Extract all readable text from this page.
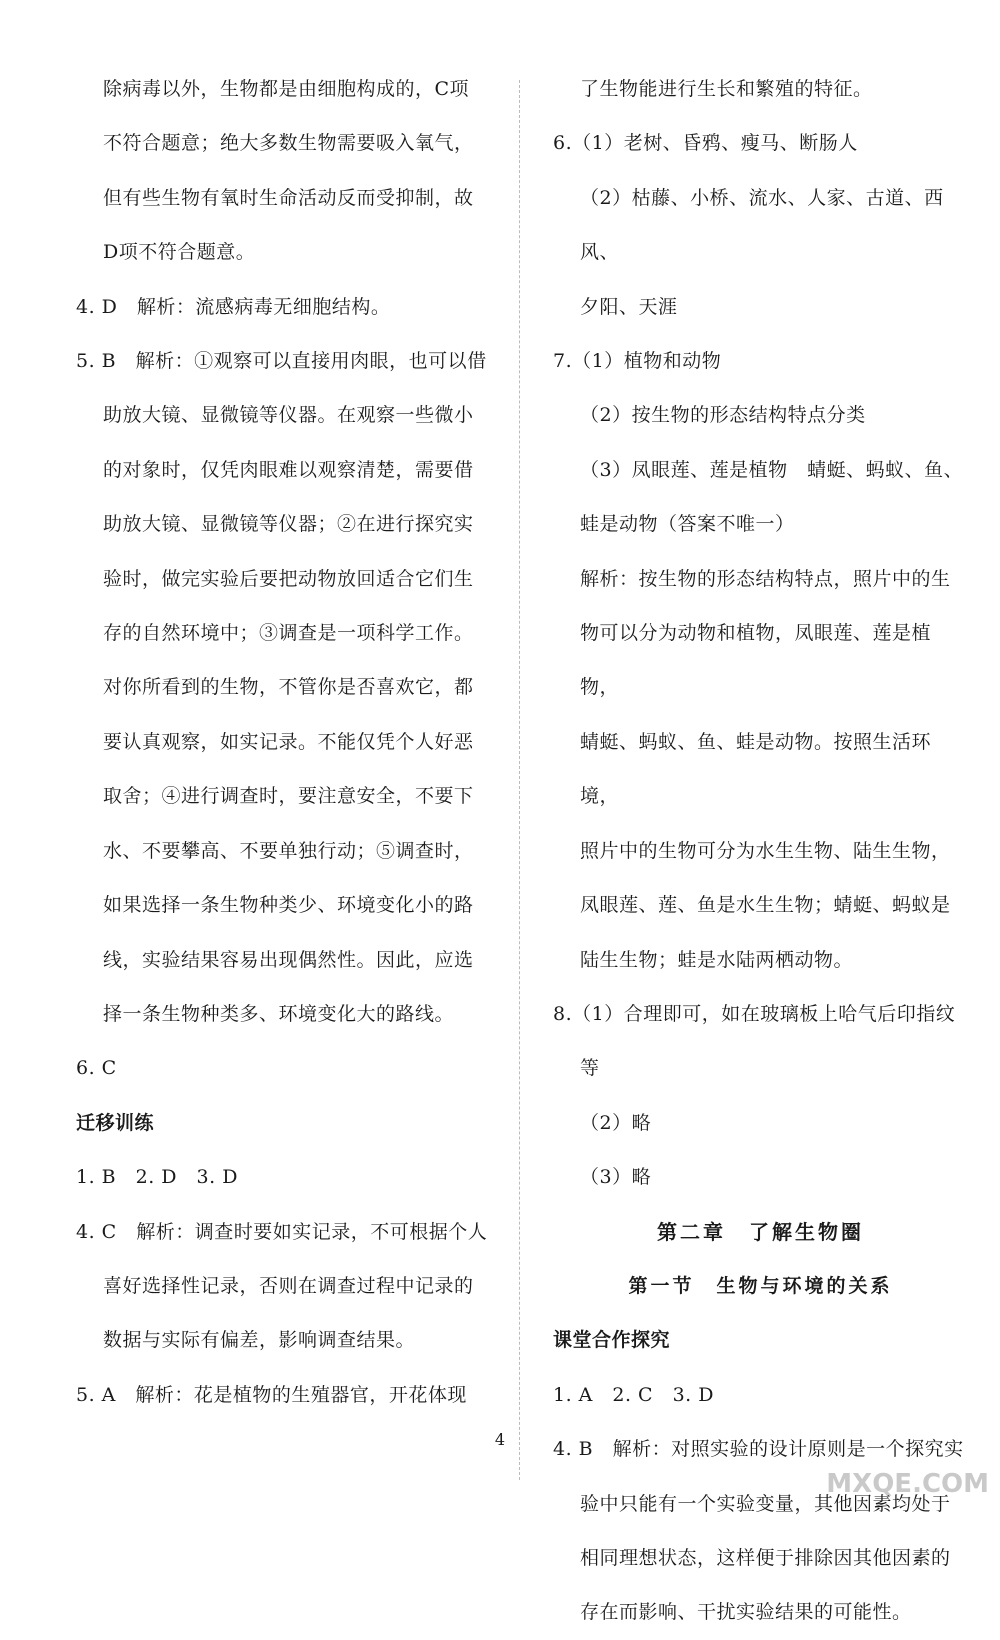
除病毒以外，生物都是由细胞构成的，C项

不符合题意；绝大多数生物需要吸入氧气，

但有些生物有氧时生命活动反而受抑制，故

D项不符合题意。

4. D　解析：流感病毒无细胞结构。

5. B　解析：①观察可以直接用肉眼，也可以借

助放大镜、显微镜等仪器。在观察一些微小

的对象时，仅凭肉眼难以观察清楚，需要借

助放大镜、显微镜等仪器；②在进行探究实

验时，做完实验后要把动物放回适合它们生

存的自然环境中；③调查是一项科学工作。

对你所看到的生物，不管你是否喜欢它，都

要认真观察，如实记录。不能仅凭个人好恶

取舍；④进行调查时，要注意安全，不要下

水、不要攀高、不要单独行动；⑤调查时，

如果选择一条生物种类少、环境变化小的路

线，实验结果容易出现偶然性。因此，应选

择一条生物种类多、环境变化大的路线。

6. C

迁移训练

1. B　2. D　3. D

4. C　解析：调查时要如实记录，不可根据个人

喜好选择性记录，否则在调查过程中记录的

数据与实际有偏差，影响调查结果。

5. A　解析：花是植物的生殖器官，开花体现

了生物能进行生长和繁殖的特征。

6.（1）老树、昏鸦、瘦马、断肠人

（2）枯藤、小桥、流水、人家、古道、西风、

夕阳、天涯

7.（1）植物和动物

（2）按生物的形态结构特点分类

（3）凤眼莲、莲是植物　蜻蜓、蚂蚁、鱼、

蛙是动物（答案不唯一）

解析：按生物的形态结构特点，照片中的生

物可以分为动物和植物，凤眼莲、莲是植物，

蜻蜓、蚂蚁、鱼、蛙是动物。按照生活环境，

照片中的生物可分为水生生物、陆生生物，

凤眼莲、莲、鱼是水生生物；蜻蜓、蚂蚁是

陆生生物；蛙是水陆两栖动物。

8.（1）合理即可，如在玻璃板上哈气后印指纹等

（2）略

（3）略

第二章　了解生物圈

第一节　生物与环境的关系

课堂合作探究

1. A　2. C　3. D

4. B　解析：对照实验的设计原则是一个探究实

验中只能有一个实验变量，其他因素均处于

相同理想状态，这样便于排除因其他因素的

存在而影响、干扰实验结果的可能性。

4
MXQE.COM
